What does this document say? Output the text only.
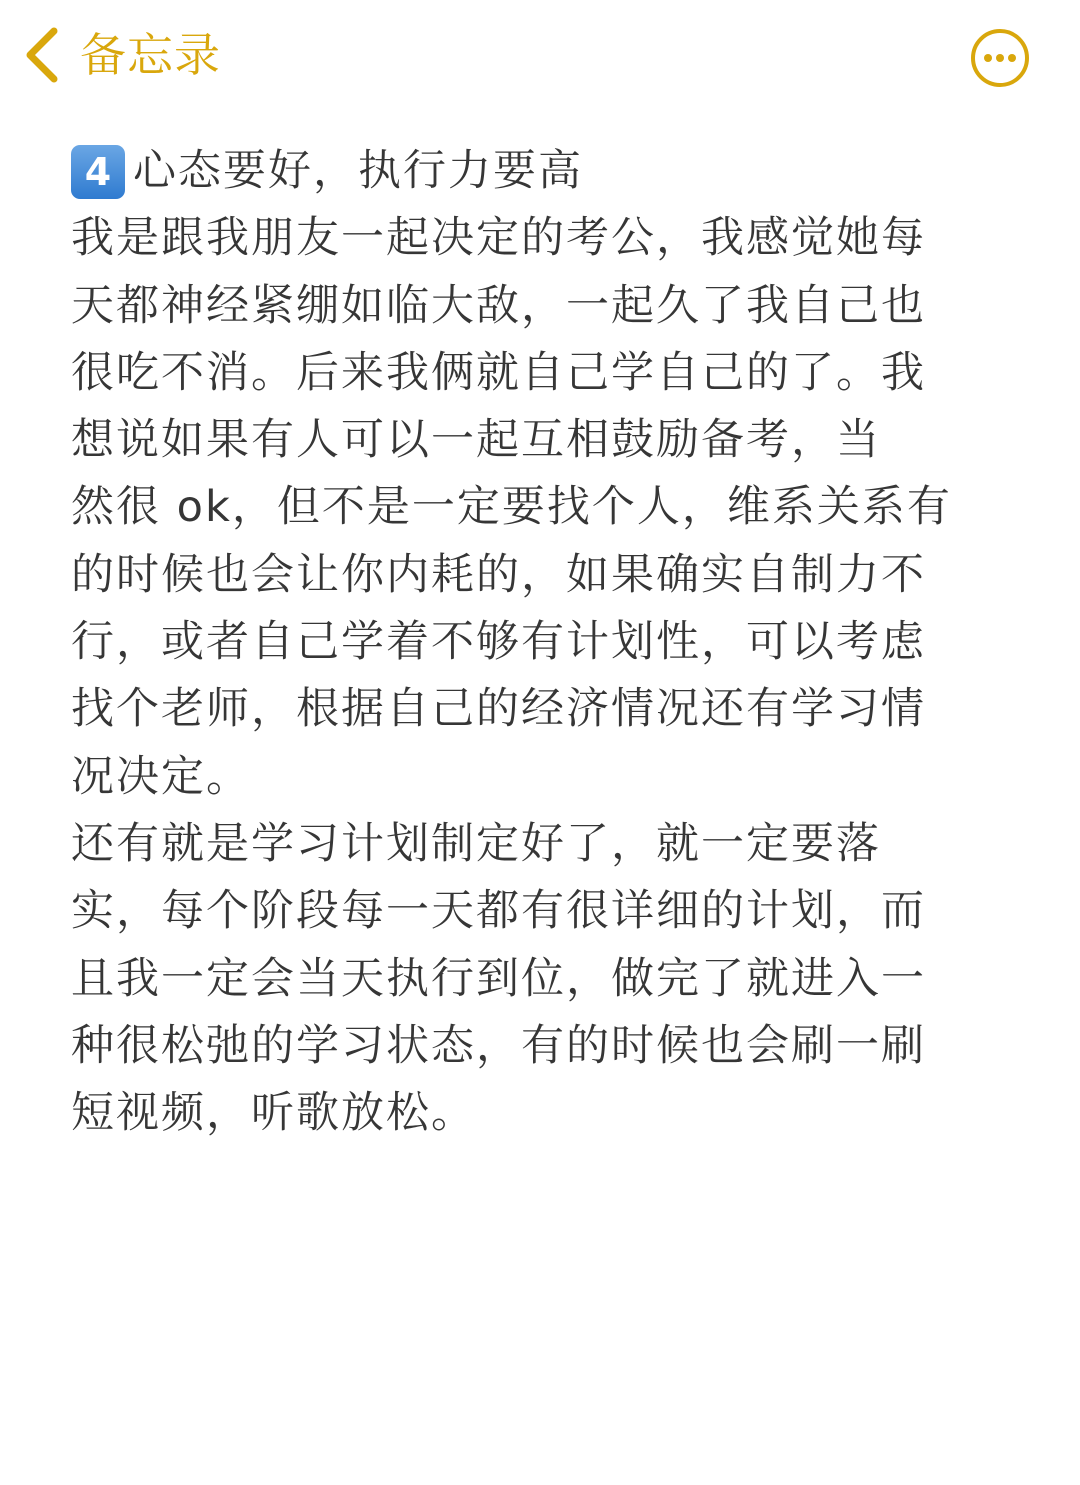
备忘录
4 心态要好，执行力要高

我是跟我朋友一起决定的考公，我感觉她每
天都神经紧绷如临大敌，一起久了我自己也
很吃不消。后来我俩就自己学自己的了。我
想说如果有人可以一起互相鼓励备考，当
然很 ok，但不是一定要找个人，维系关系有
的时候也会让你内耗的，如果确实自制力不
行，或者自己学着不够有计划性，可以考虑
找个老师，根据自己的经济情况还有学习情
况决定。

还有就是学习计划制定好了，就一定要落
实，每个阶段每一天都有很详细的计划，而
且我一定会当天执行到位，做完了就进入一
种很松弛的学习状态，有的时候也会刷一刷
短视频，听歌放松。
